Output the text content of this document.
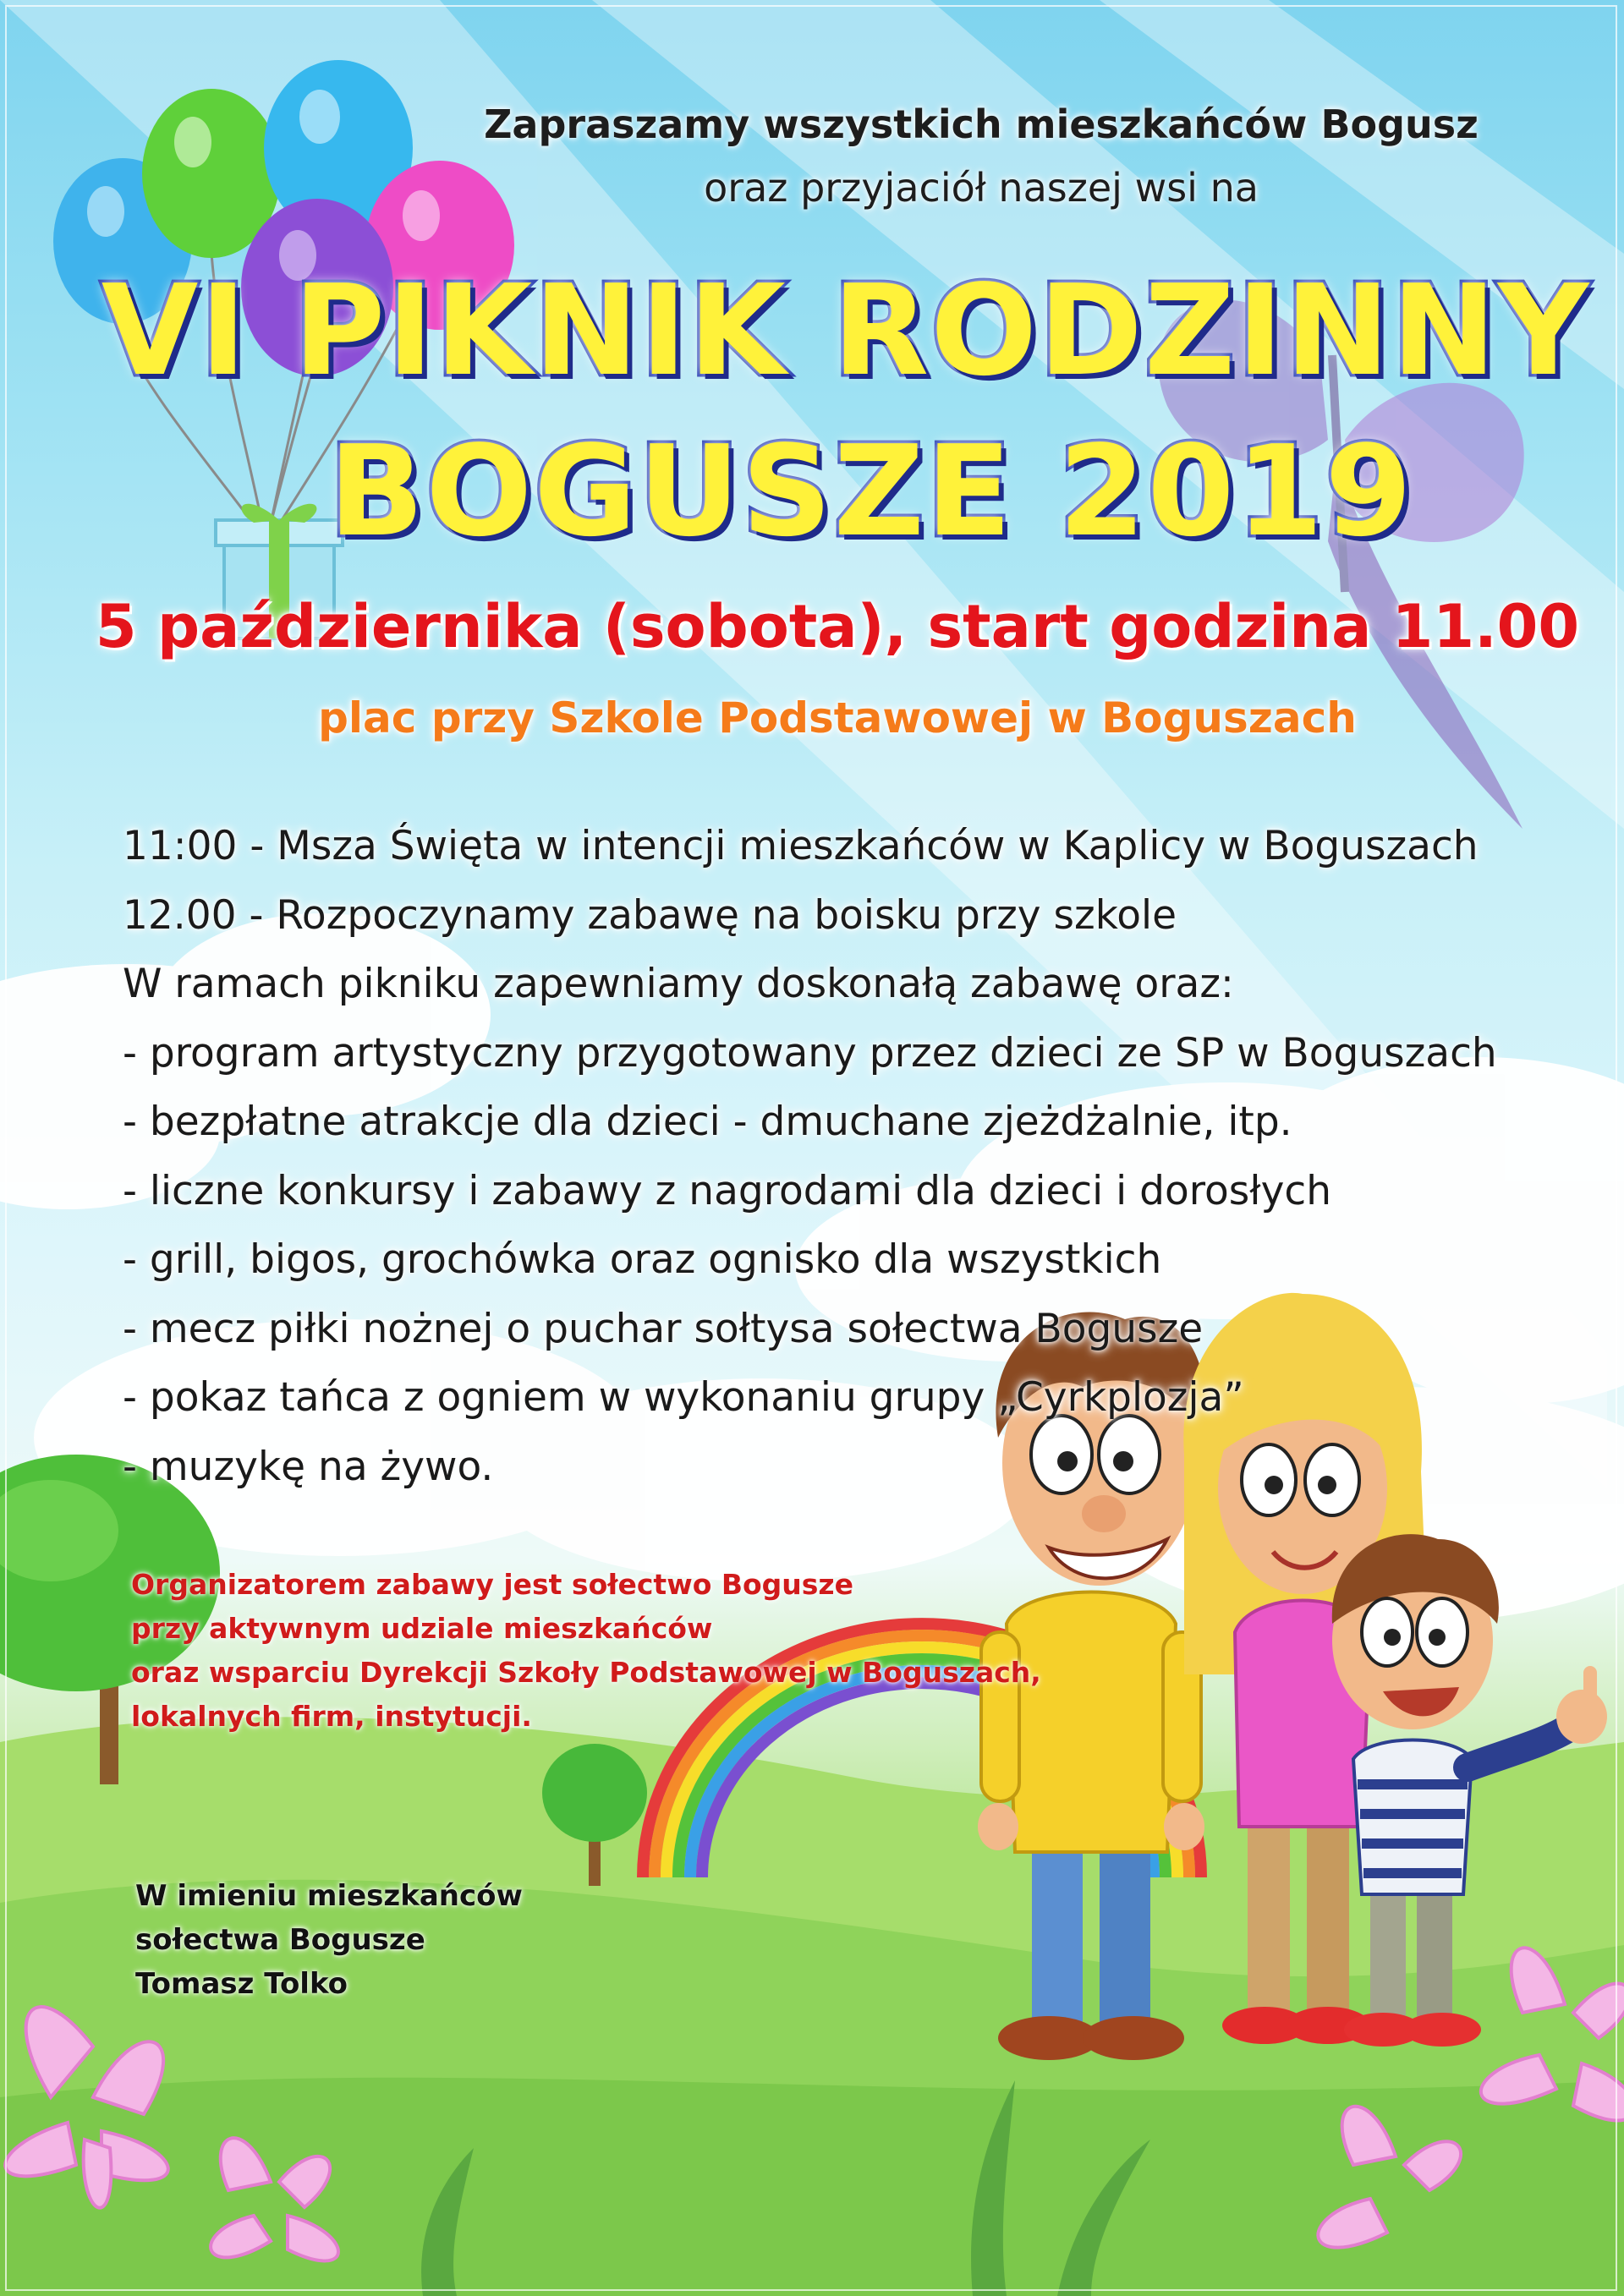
Zapraszamy wszystkich mieszkańców Bogusz
oraz przyjaciół naszej wsi na
VI PIKNIK RODZINNY
BOGUSZE 2019
5 października (sobota), start godzina 11.00
plac przy Szkole Podstawowej w Boguszach
11:00 - Msza Święta w intencji mieszkańców w Kaplicy w Boguszach
12.00 - Rozpoczynamy zabawę na boisku przy szkole
W ramach pikniku zapewniamy doskonałą zabawę oraz:
- program artystyczny przygotowany przez dzieci ze SP w Boguszach
- bezpłatne atrakcje dla dzieci - dmuchane zjeżdżalnie, itp.
- liczne konkursy i zabawy z nagrodami dla dzieci i dorosłych
- grill, bigos, grochówka oraz ognisko dla wszystkich
- mecz piłki nożnej o puchar sołtysa sołectwa Bogusze
- pokaz tańca z ogniem w wykonaniu grupy „Cyrkplozja”
- muzykę na żywo.
Organizatorem zabawy jest sołectwo Bogusze
przy aktywnym udziale mieszkańców
oraz wsparciu Dyrekcji Szkoły Podstawowej w Boguszach,
lokalnych firm, instytucji.
W imieniu mieszkańców
sołectwa Bogusze
Tomasz Tolko
